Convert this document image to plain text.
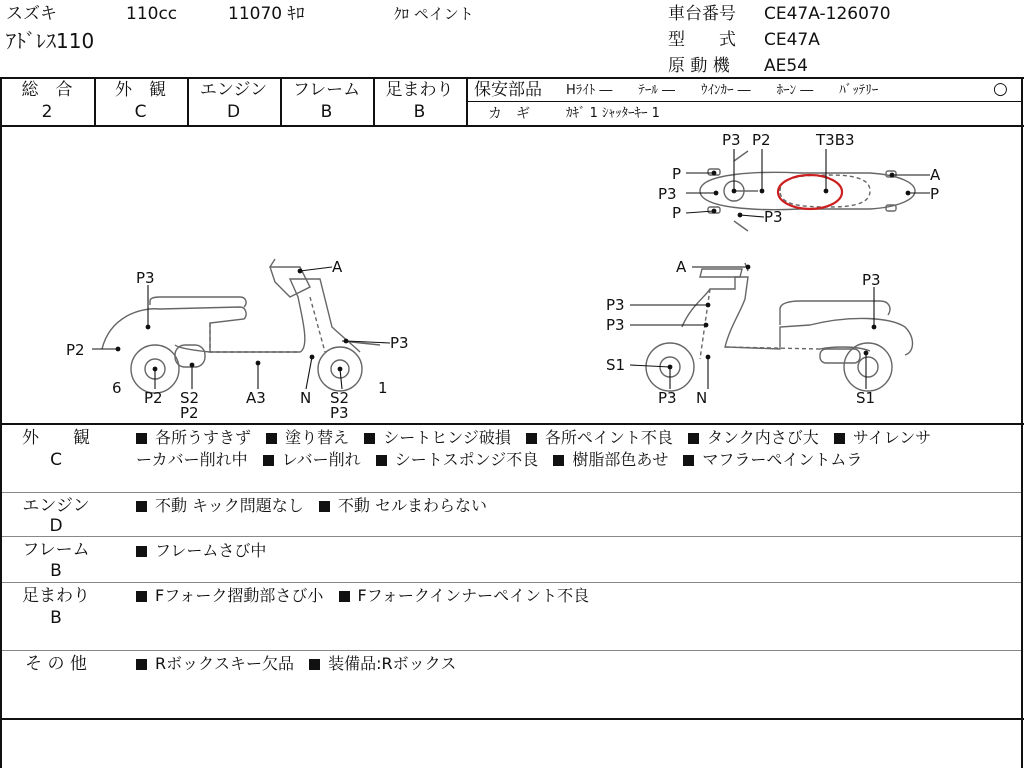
スズキ	110cc	11070 ｷﾛ	ｸﾛ ペイント
ｱﾄﾞﾚｽ110
車台番号 CE47A-126070
型　　式 CE47A
原 動 機 AE54
総　合
2
外　観
C
エンジン
D
フレーム
B
足まわり
B
保安部品 Hﾗｲﾄ ―　　ﾃｰﾙ ―　　ｳｲﾝｶｰ ―　　ﾎｰﾝ ―　　ﾊﾞｯﾃﾘｰ	○
カ　ギ	ｶｷﾞ 1 ｼｬｯﾀｰｷｰ 1
P3 P2	T3B3
P
P3
P	P3
A
P
P3
A
P2	P3
6	1
P2 S2
P2
A3 N S2
P3
A
P3
P3
P3
S1
P3 N	S1
外　　観
C
各所うすきず 塗り替え シートヒンジ破損 各所ペイント不良 タンク内さび大 サイレンサ
ーカバー削れ中 レバー削れ シートスポンジ不良 樹脂部色あせ マフラーペイントムラ
エンジン
D
不動 キック問題なし 不動 セルまわらない
フレーム
B
フレームさび中
足まわり
B
Fフォーク摺動部さび小 Fフォークインナーペイント不良
そ の 他	Rボックスキー欠品 装備品:Rボックス
